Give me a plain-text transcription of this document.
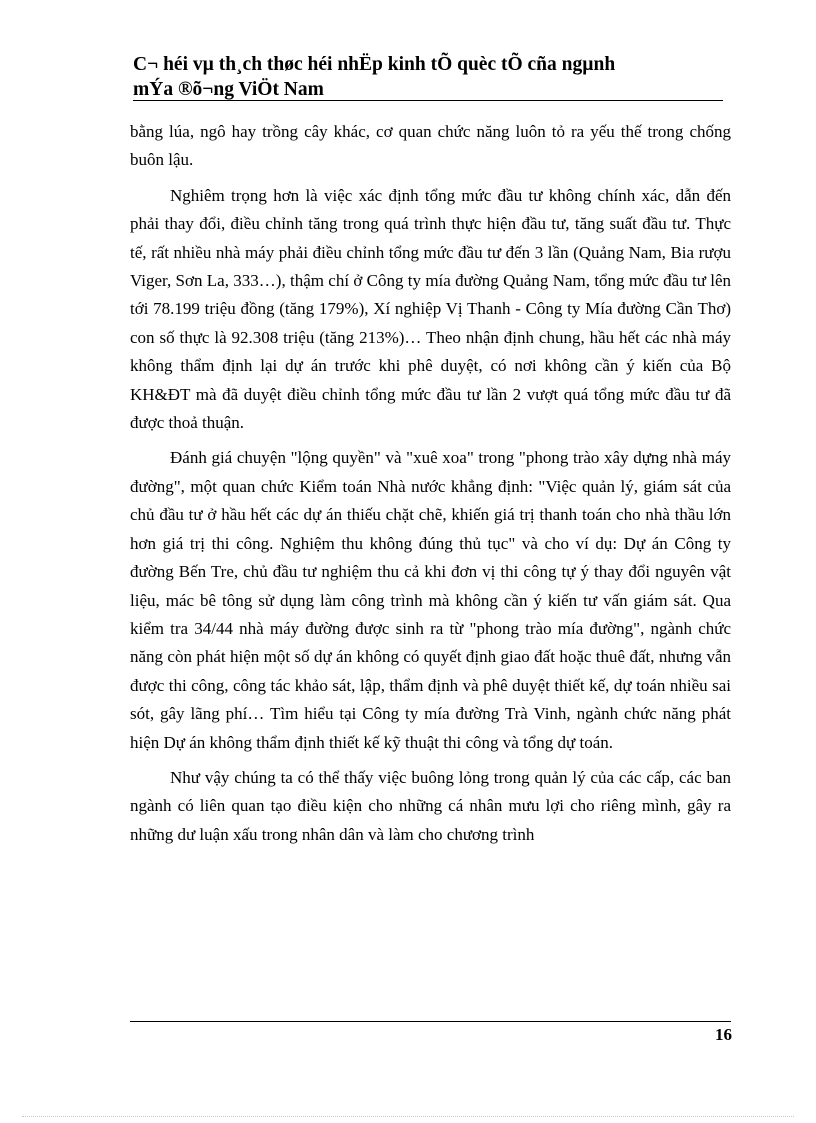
C¬ héi vµ th¸ch thøc héi nhËp kinh tÕ quèc tÕ cña ngµnh
mÝa ®õ¬ng ViÖt Nam

bằng lúa, ngô hay trồng cây khác, cơ quan chức năng luôn tỏ ra yếu thế trong chống buôn lậu.

Nghiêm trọng hơn là việc xác định tổng mức đầu tư không chính xác, dẫn đến phải thay đổi, điều chỉnh tăng trong quá trình thực hiện đầu tư, tăng suất đầu tư. Thực tế, rất nhiều nhà máy phải điều chỉnh tổng mức đầu tư đến 3 lần (Quảng Nam, Bia rượu Viger, Sơn La, 333…), thậm chí ở Công ty mía đường Quảng Nam, tổng mức đầu tư lên tới 78.199 triệu đồng (tăng 179%), Xí nghiệp Vị Thanh - Công ty Mía đường Cần Thơ) con số thực là 92.308 triệu (tăng 213%)… Theo nhận định chung, hầu hết các nhà máy không thẩm định lại dự án trước khi phê duyệt, có nơi không cần ý kiến của Bộ KH&ĐT mà đã duyệt điều chỉnh tổng mức đầu tư lần 2 vượt quá tổng mức đầu tư đã được thoả thuận.

Đánh giá chuyện "lộng quyền" và "xuê xoa" trong "phong trào xây dựng nhà máy đường", một quan chức Kiểm toán Nhà nước khẳng định: "Việc quản lý, giám sát của chủ đầu tư ở hầu hết các dự án thiếu chặt chẽ, khiến giá trị thanh toán cho nhà thầu lớn hơn giá trị thi công. Nghiệm thu không đúng thủ tục" và cho ví dụ: Dự án Công ty đường Bến Tre, chủ đầu tư nghiệm thu cả khi đơn vị thi công tự ý thay đổi nguyên vật liệu, mác bê tông sử dụng làm công trình mà không cần ý kiến tư vấn giám sát. Qua kiểm tra 34/44 nhà máy đường được sinh ra từ "phong trào mía đường", ngành chức năng còn phát hiện một số dự án không có quyết định giao đất hoặc thuê đất, nhưng vẫn được thi công, công tác khảo sát, lập, thẩm định và phê duyệt thiết kế, dự toán nhiều sai sót, gây lãng phí… Tìm hiểu tại Công ty mía đường Trà Vinh, ngành chức năng phát hiện Dự án không thẩm định thiết kế kỹ thuật thi công và tổng dự toán.

Như vậy chúng ta có thể thấy việc buông lỏng trong quản lý của các cấp, các ban ngành có liên quan tạo điều kiện cho những cá nhân mưu lợi cho riêng mình, gây ra những dư luận xấu trong nhân dân và làm cho chương trình

16
